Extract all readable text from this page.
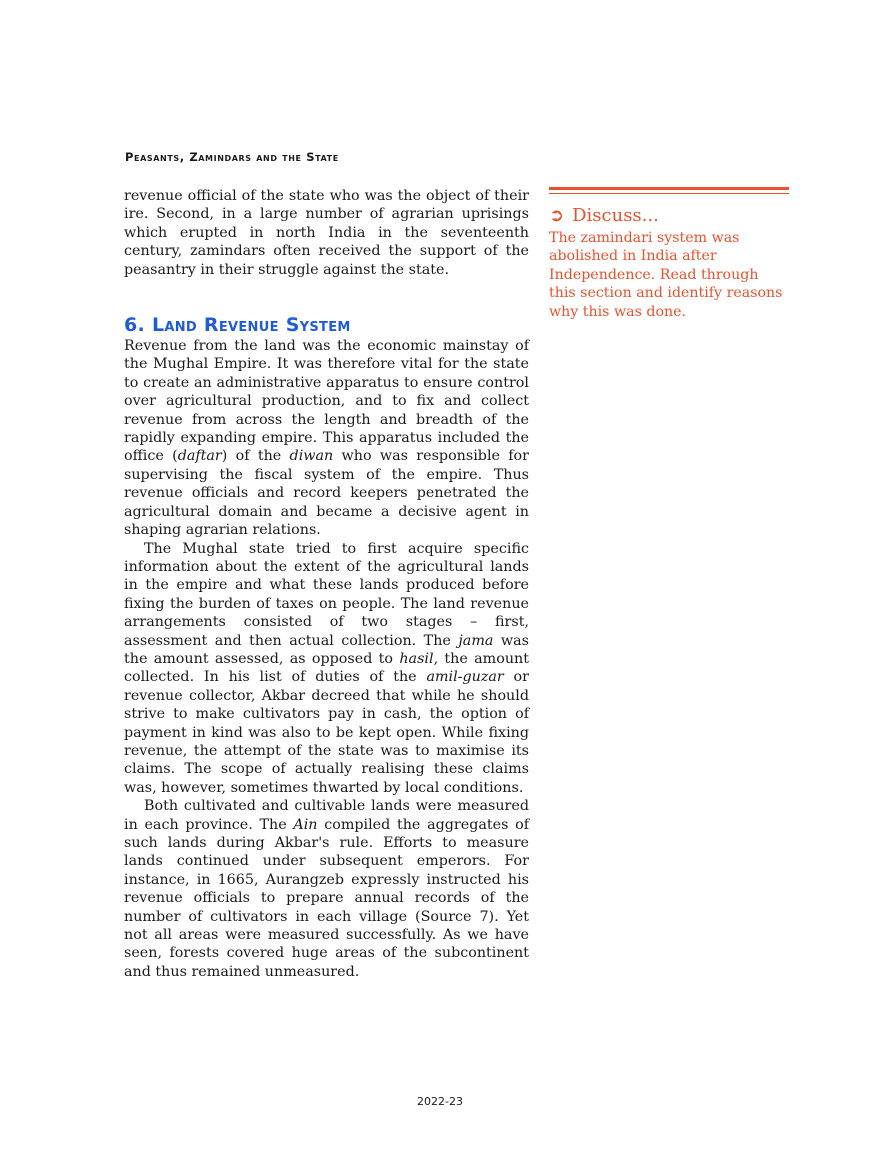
Peasants, Zamindars and the State

revenue official of the state who was the object of their ire. Second, in a large number of agrarian uprisings which erupted in north India in the seventeenth century, zamindars often received the support of the peasantry in their struggle against the state.

6. Land Revenue System

Revenue from the land was the economic mainstay of the Mughal Empire. It was therefore vital for the state to create an administrative apparatus to ensure control over agricultural production, and to fix and collect revenue from across the length and breadth of the rapidly expanding empire. This apparatus included the office (daftar) of the diwan who was responsible for supervising the fiscal system of the empire. Thus revenue officials and record keepers penetrated the agricultural domain and became a decisive agent in shaping agrarian relations.

The Mughal state tried to first acquire specific information about the extent of the agricultural lands in the empire and what these lands produced before fixing the burden of taxes on people. The land revenue arrangements consisted of two stages – first, assessment and then actual collection. The jama was the amount assessed, as opposed to hasil, the amount collected. In his list of duties of the amil-guzar or revenue collector, Akbar decreed that while he should strive to make cultivators pay in cash, the option of payment in kind was also to be kept open. While fixing revenue, the attempt of the state was to maximise its claims. The scope of actually realising these claims was, however, sometimes thwarted by local conditions.

Both cultivated and cultivable lands were measured in each province. The Ain compiled the aggregates of such lands during Akbar's rule. Efforts to measure lands continued under subsequent emperors. For instance, in 1665, Aurangzeb expressly instructed his revenue officials to prepare annual records of the number of cultivators in each village (Source 7). Yet not all areas were measured successfully. As we have seen, forests covered huge areas of the subcontinent and thus remained unmeasured.

➲ Discuss...
The zamindari system was abolished in India after Independence. Read through this section and identify reasons why this was done.
2022-23
